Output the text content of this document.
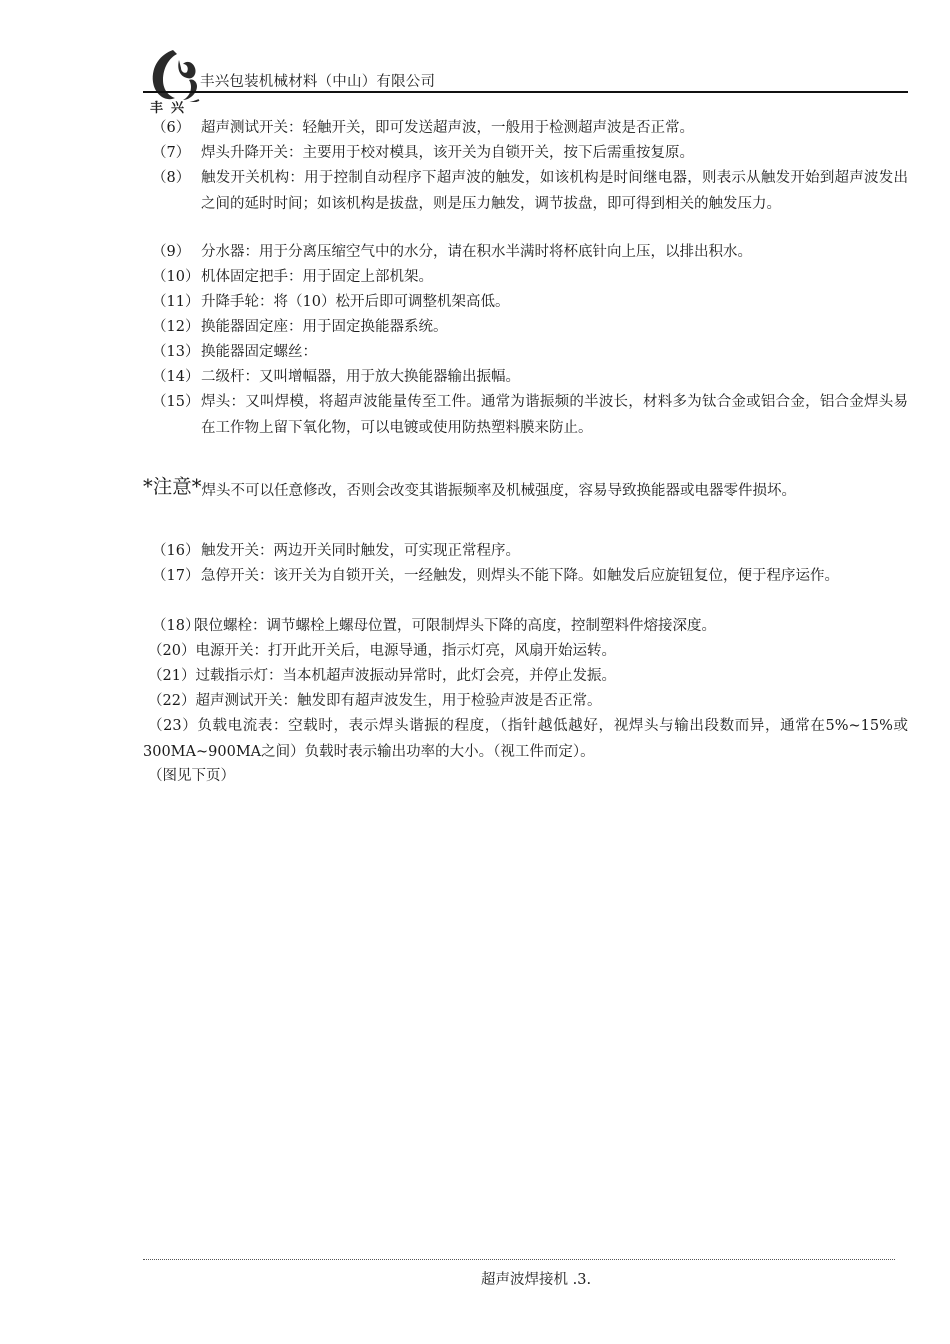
丰兴
丰兴包装机械材料（中山）有限公司
（6） 超声测试开关：轻触开关，即可发送超声波，一般用于检测超声波是否正常。
（7） 焊头升降开关：主要用于校对模具，该开关为自锁开关，按下后需重按复原。
（8） 触发开关机构：用于控制自动程序下超声波的触发，如该机构是时间继电器，则表示从触发开始到超声波发出之间的延时时间；如该机构是拔盘，则是压力触发，调节拔盘，即可得到相关的触发压力。
（9） 分水器：用于分离压缩空气中的水分，请在积水半满时将杯底针向上压，以排出积水。
（10） 机体固定把手：用于固定上部机架。
（11） 升降手轮：将（10）松开后即可调整机架高低。
（12） 换能器固定座：用于固定换能器系统。
（13） 换能器固定螺丝：
（14） 二级杆：又叫增幅器，用于放大换能器输出振幅。
（15） 焊头：又叫焊模，将超声波能量传至工件。通常为谐振频的半波长，材料多为钛合金或铝合金，铝合金焊头易在工作物上留下氧化物，可以电镀或使用防热塑料膜来防止。
*注意*焊头不可以任意修改，否则会改变其谐振频率及机械强度，容易导致换能器或电器零件损坏。
（16） 触发开关：两边开关同时触发，可实现正常程序。
（17） 急停开关：该开关为自锁开关，一经触发，则焊头不能下降。如触发后应旋钮复位，便于程序运作。
（18）
限位螺栓：调节螺栓上螺母位置，可限制焊头下降的高度，控制塑料件熔接深度。
（20）电源开关：打开此开关后，电源导通，指示灯亮，风扇开始运转。
（21）过载指示灯：当本机超声波振动异常时，此灯会亮，并停止发振。
（22）超声测试开关：触发即有超声波发生，用于检验声波是否正常。
（23）负载电流表：空载时，表示焊头谐振的程度，（指针越低越好，视焊头与输出段数而异，通常在5%~15%或300MA~900MA之间）负载时表示输出功率的大小。（视工件而定）。
（图见下页）
超声波焊接机 .3.
